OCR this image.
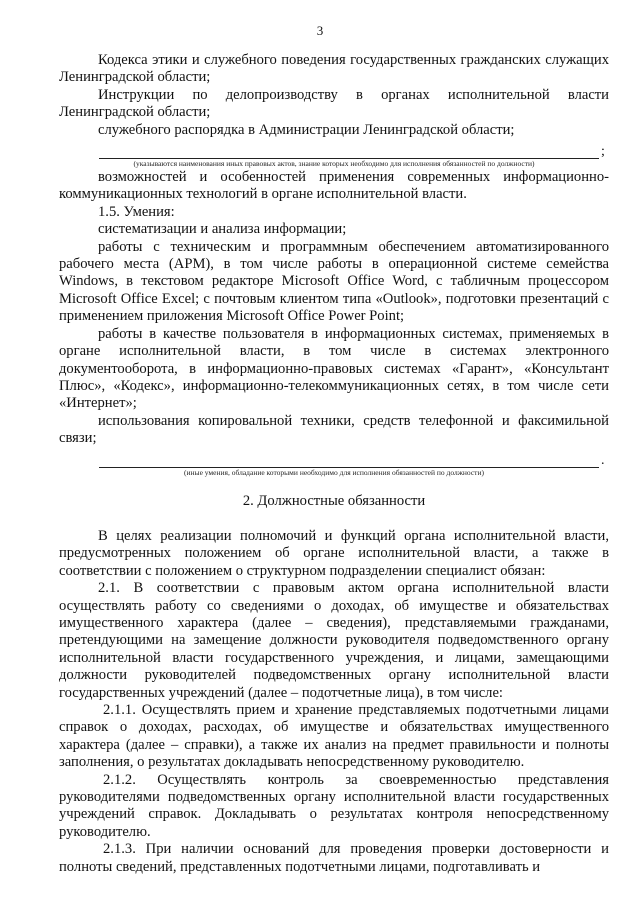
3

Кодекса этики и служебного поведения государственных гражданских служащих Ленинградской области;

Инструкции по делопроизводству в органах исполнительной власти Ленинградской области;

служебного распорядка в Администрации Ленинградской области;

;

(указываются наименования иных правовых актов, знание которых необходимо для исполнения обязанностей по должности)

возможностей и особенностей применения современных информационно-коммуникационных технологий в органе исполнительной власти.

1.5. Умения:

систематизации и анализа информации;

работы с техническим и программным обеспечением автоматизированного рабочего места (АРМ), в том числе работы в операционной системе семейства Windows, в текстовом редакторе Microsoft Office Word, с табличным процессором Microsoft Office Excel; с почтовым клиентом типа «Outlook», подготовки презентаций с применением приложения Microsoft Office Power Point;

работы в качестве пользователя в информационных системах, применяемых в органе исполнительной власти, в том числе в системах электронного документооборота, в информационно-правовых системах «Гарант», «Консультант Плюс», «Кодекс», информационно-телекоммуникационных сетях, в том числе сети «Интернет»;

использования копировальной техники, средств телефонной и факсимильной связи;

.

(иные умения, обладание которыми необходимо для исполнения обязанностей по должности)

2. Должностные обязанности

В целях реализации полномочий и функций органа исполнительной власти, предусмотренных положением об органе исполнительной власти, а также в соответствии с положением о структурном подразделении специалист обязан:

2.1. В соответствии с правовым актом органа исполнительной власти осуществлять работу со сведениями о доходах, об имуществе и обязательствах имущественного характера (далее – сведения), представляемыми гражданами, претендующими на замещение должности руководителя подведомственного органу исполнительной власти государственного учреждения, и лицами, замещающими должности руководителей подведомственных органу исполнительной власти государственных учреждений (далее – подотчетные лица), в том числе:

2.1.1. Осуществлять прием и хранение представляемых подотчетными лицами справок о доходах, расходах, об имуществе и обязательствах имущественного характера (далее – справки), а также их анализ на предмет правильности и полноты заполнения, о результатах докладывать непосредственному руководителю.

2.1.2. Осуществлять контроль за своевременностью представления руководителями подведомственных органу исполнительной власти государственных учреждений справок. Докладывать о результатах контроля непосредственному руководителю.

2.1.3. При наличии оснований для проведения проверки достоверности и полноты сведений, представленных подотчетными лицами, подготавливать и
